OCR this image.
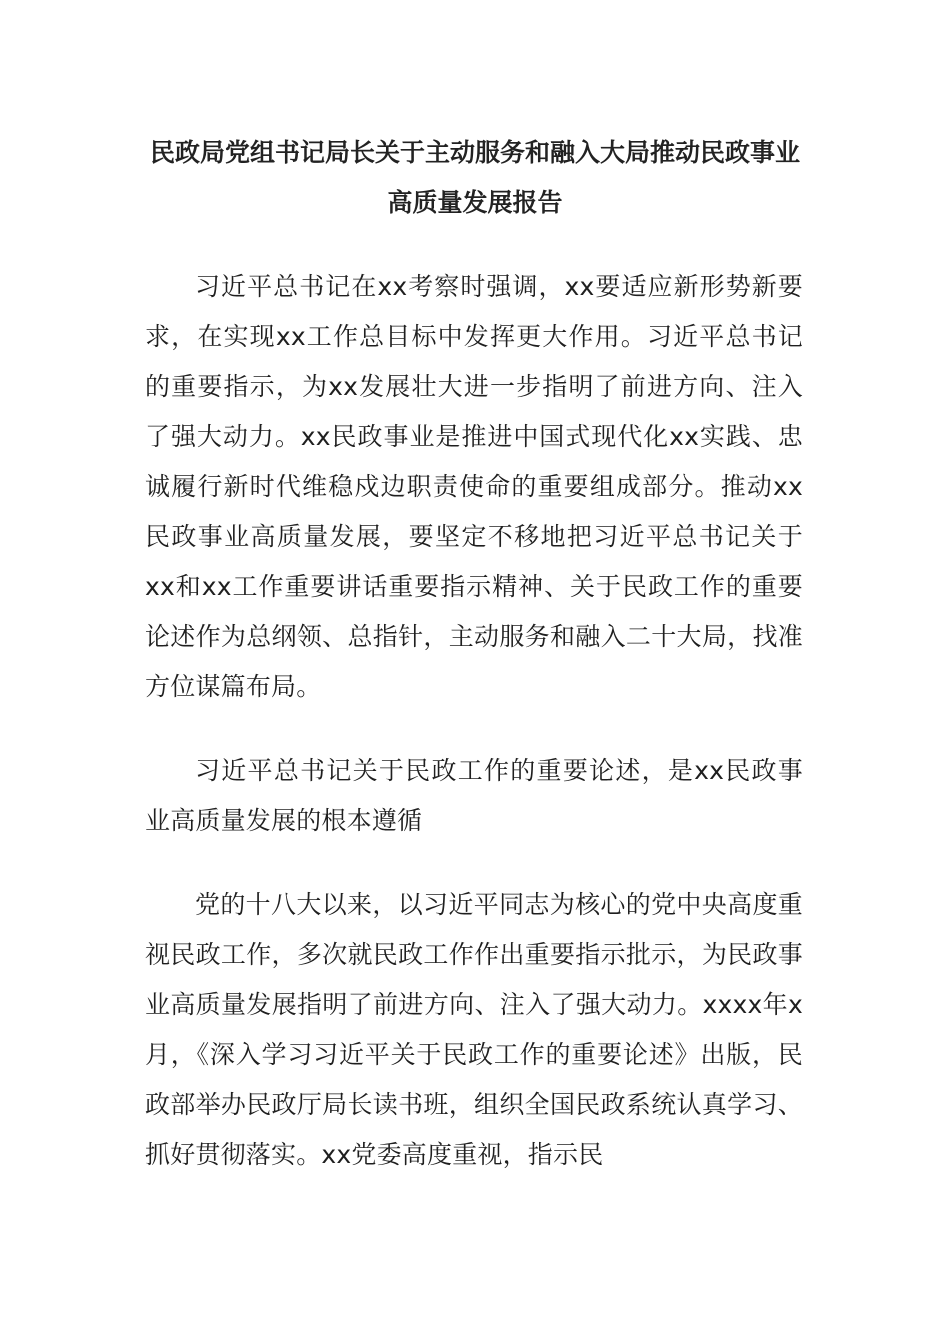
民政局党组书记局长关于主动服务和融入大局推动民政事业高质量发展报告

习近平总书记在xx考察时强调，xx要适应新形势新要求，在实现xx工作总目标中发挥更大作用。习近平总书记的重要指示，为xx发展壮大进一步指明了前进方向、注入了强大动力。xx民政事业是推进中国式现代化xx实践、忠诚履行新时代维稳戍边职责使命的重要组成部分。推动xx民政事业高质量发展，要坚定不移地把习近平总书记关于xx和xx工作重要讲话重要指示精神、关于民政工作的重要论述作为总纲领、总指针，主动服务和融入二十大局，找准方位谋篇布局。

习近平总书记关于民政工作的重要论述，是xx民政事业高质量发展的根本遵循

党的十八大以来，以习近平同志为核心的党中央高度重视民政工作，多次就民政工作作出重要指示批示，为民政事业高质量发展指明了前进方向、注入了强大动力。xxxx年x月，《深入学习习近平关于民政工作的重要论述》出版，民政部举办民政厅局长读书班，组织全国民政系统认真学习、抓好贯彻落实。xx党委高度重视，指示民
